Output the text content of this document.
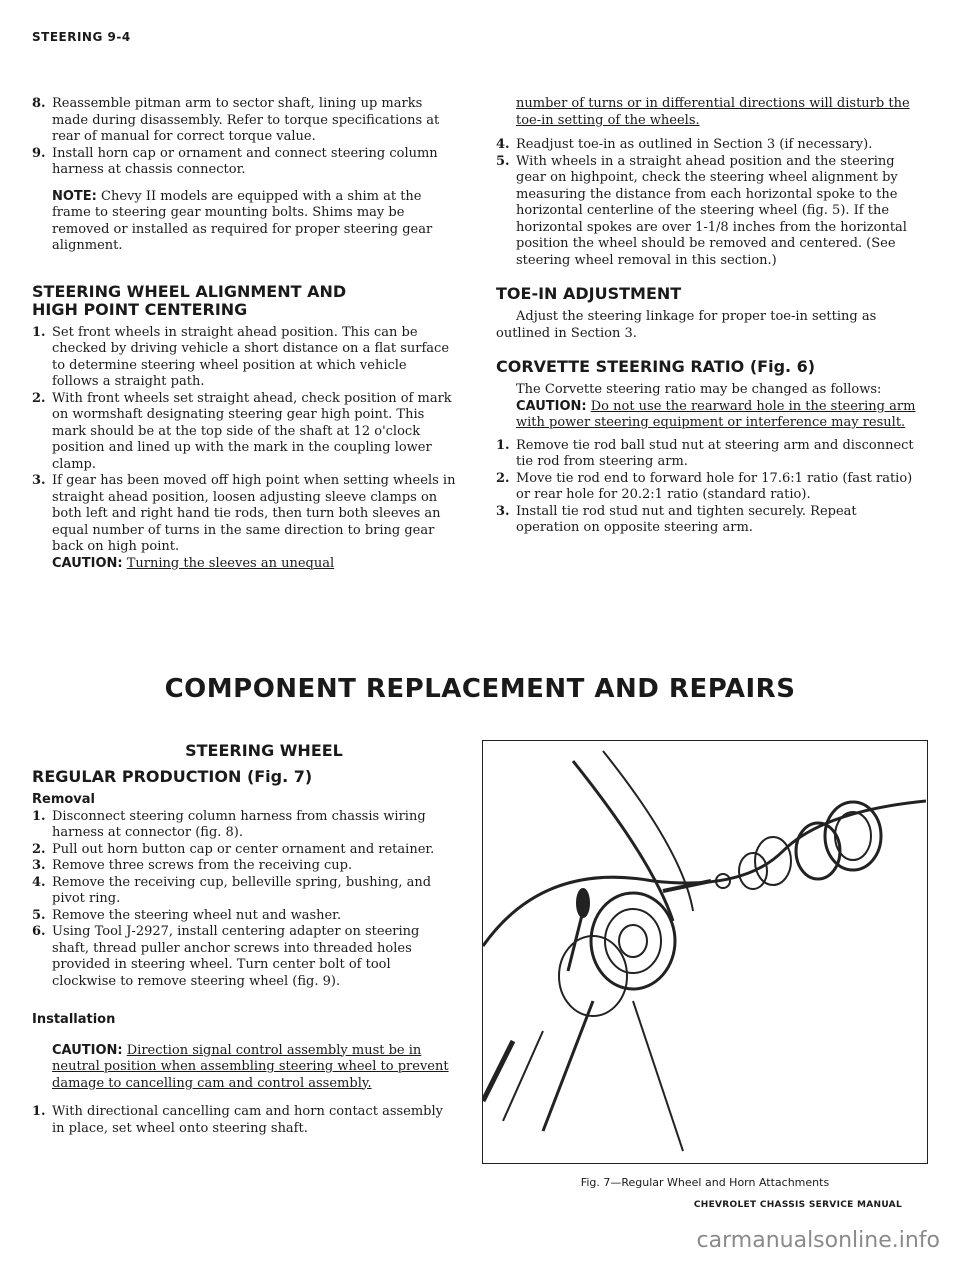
STEERING 9-4
8. Reassemble pitman arm to sector shaft, lining up marks made during disassembly. Refer to torque specifications at rear of manual for correct torque value.
9. Install horn cap or ornament and connect steering column harness at chassis connector.

NOTE: Chevy II models are equipped with a shim at the frame to steering gear mounting bolts. Shims may be removed or installed as required for proper steering gear alignment.

STEERING WHEEL ALIGNMENT AND
HIGH POINT CENTERING

1. Set front wheels in straight ahead position. This can be checked by driving vehicle a short distance on a flat surface to determine steering wheel position at which vehicle follows a straight path.
2. With front wheels set straight ahead, check position of mark on wormshaft designating steering gear high point. This mark should be at the top side of the shaft at 12 o'clock position and lined up with the mark in the coupling lower clamp.
3. If gear has been moved off high point when setting wheels in straight ahead position, loosen adjusting sleeve clamps on both left and right hand tie rods, then turn both sleeves an equal number of turns in the same direction to bring gear back on high point.

CAUTION: Turning the sleeves an unequal

number of turns or in differential directions will disturb the toe-in setting of the wheels.

4. Readjust toe-in as outlined in Section 3 (if necessary).
5. With wheels in a straight ahead position and the steering gear on highpoint, check the steering wheel alignment by measuring the distance from each horizontal spoke to the horizontal centerline of the steering wheel (fig. 5). If the horizontal spokes are over 1-1/8 inches from the horizontal position the wheel should be removed and centered. (See steering wheel removal in this section.)

TOE-IN ADJUSTMENT

Adjust the steering linkage for proper toe-in setting as outlined in Section 3.

CORVETTE STEERING RATIO (Fig. 6)

The Corvette steering ratio may be changed as follows:

CAUTION: Do not use the rearward hole in the steering arm with power steering equipment or interference may result.

1. Remove tie rod ball stud nut at steering arm and disconnect tie rod from steering arm.
2. Move tie rod end to forward hole for 17.6:1 ratio (fast ratio) or rear hole for 20.2:1 ratio (standard ratio).
3. Install tie rod stud nut and tighten securely. Repeat operation on opposite steering arm.
COMPONENT REPLACEMENT AND REPAIRS

STEERING WHEEL

REGULAR PRODUCTION (Fig. 7)

Removal

1. Disconnect steering column harness from chassis wiring harness at connector (fig. 8).
2. Pull out horn button cap or center ornament and retainer.
3. Remove three screws from the receiving cup.
4. Remove the receiving cup, belleville spring, bushing, and pivot ring.
5. Remove the steering wheel nut and washer.
6. Using Tool J-2927, install centering adapter on steering shaft, thread puller anchor screws into threaded holes provided in steering wheel. Turn center bolt of tool clockwise to remove steering wheel (fig. 9).

Installation

CAUTION: Direction signal control assembly must be in neutral position when assembling steering wheel to prevent damage to cancelling cam and control assembly.

1. With directional cancelling cam and horn contact assembly in place, set wheel onto steering shaft.
Fig. 7—Regular Wheel and Horn Attachments
CHEVROLET CHASSIS SERVICE MANUAL
carmanualsonline.info
